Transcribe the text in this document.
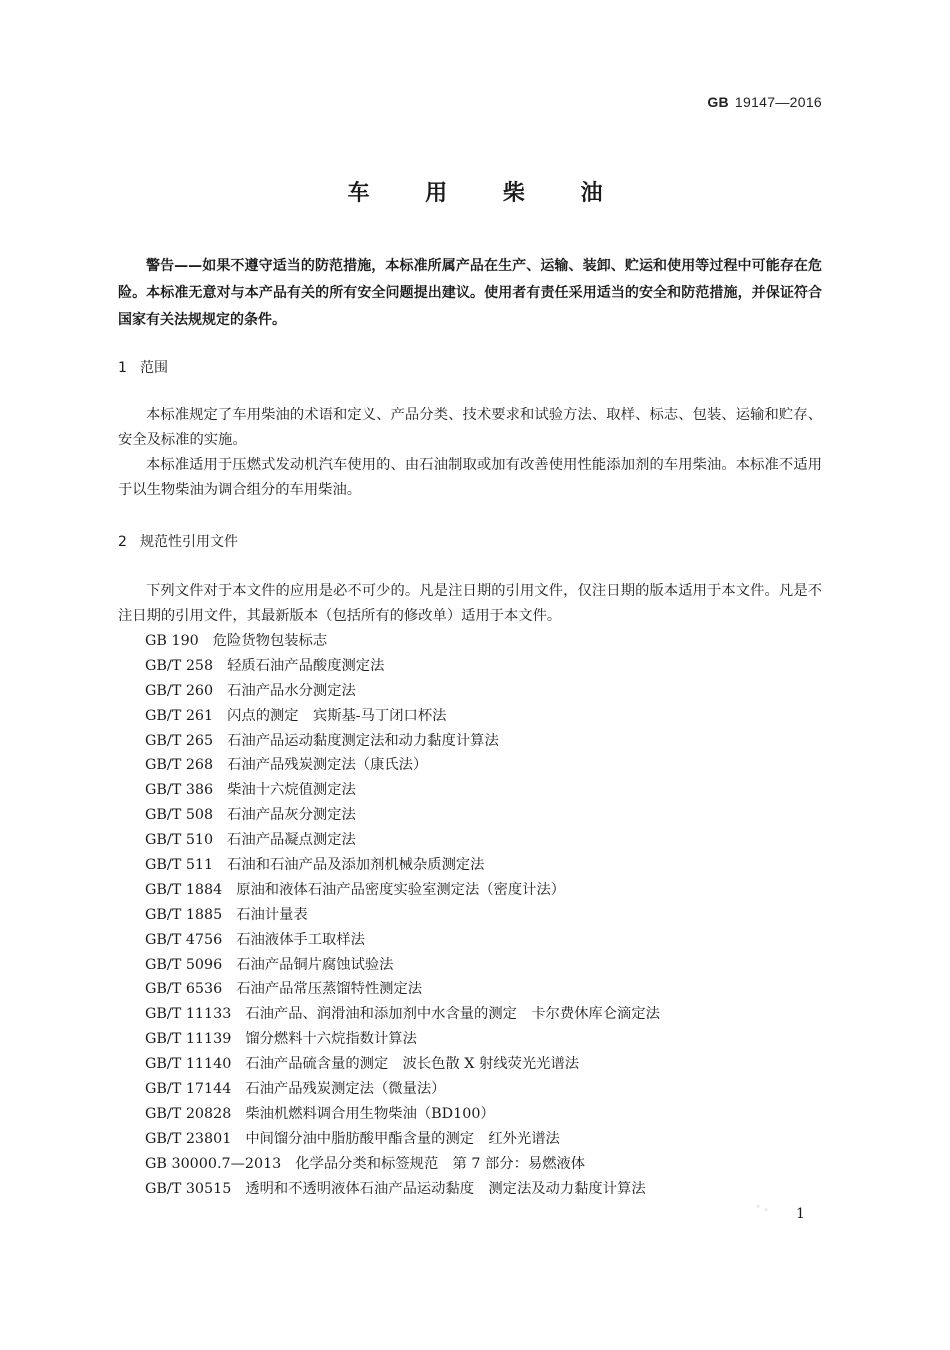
GB 19147—2016
车 用 柴 油
警告——如果不遵守适当的防范措施，本标准所属产品在生产、运输、装卸、贮运和使用等过程中可能存在危险。本标准无意对与本产品有关的所有安全问题提出建议。使用者有责任采用适当的安全和防范措施，并保证符合国家有关法规规定的条件。
1 范围
本标准规定了车用柴油的术语和定义、产品分类、技术要求和试验方法、取样、标志、包装、运输和贮存、安全及标准的实施。
本标准适用于压燃式发动机汽车使用的、由石油制取或加有改善使用性能添加剂的车用柴油。本标准不适用于以生物柴油为调合组分的车用柴油。
2 规范性引用文件
下列文件对于本文件的应用是必不可少的。凡是注日期的引用文件，仅注日期的版本适用于本文件。凡是不注日期的引用文件，其最新版本（包括所有的修改单）适用于本文件。
GB 190 危险货物包装标志
GB/T 258 轻质石油产品酸度测定法
GB/T 260 石油产品水分测定法
GB/T 261 闪点的测定　宾斯基-马丁闭口杯法
GB/T 265 石油产品运动黏度测定法和动力黏度计算法
GB/T 268 石油产品残炭测定法（康氏法）
GB/T 386 柴油十六烷值测定法
GB/T 508 石油产品灰分测定法
GB/T 510 石油产品凝点测定法
GB/T 511 石油和石油产品及添加剂机械杂质测定法
GB/T 1884 原油和液体石油产品密度实验室测定法（密度计法）
GB/T 1885 石油计量表
GB/T 4756 石油液体手工取样法
GB/T 5096 石油产品铜片腐蚀试验法
GB/T 6536 石油产品常压蒸馏特性测定法
GB/T 11133 石油产品、润滑油和添加剂中水含量的测定　卡尔费休库仑滴定法
GB/T 11139 馏分燃料十六烷指数计算法
GB/T 11140 石油产品硫含量的测定　波长色散 X 射线荧光光谱法
GB/T 17144 石油产品残炭测定法（微量法）
GB/T 20828 柴油机燃料调合用生物柴油（BD100）
GB/T 23801 中间馏分油中脂肪酸甲酯含量的测定　红外光谱法
GB 30000.7—2013 化学品分类和标签规范　第 7 部分：易燃液体
GB/T 30515 透明和不透明液体石油产品运动黏度　测定法及动力黏度计算法
1
